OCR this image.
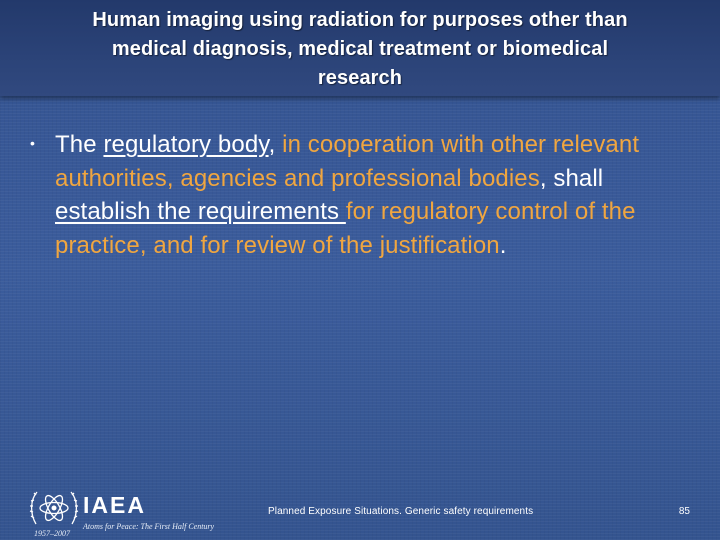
Human imaging using radiation for purposes other than
medical diagnosis, medical treatment or biomedical
research
• The regulatory body, in cooperation with other relevant authorities, agencies and professional bodies, shall establish the requirements for regulatory control of the practice, and for review of the justification.

IAEA
Atoms for Peace: The First Half Century
1957–2007
Planned Exposure Situations. Generic safety requirements	85
